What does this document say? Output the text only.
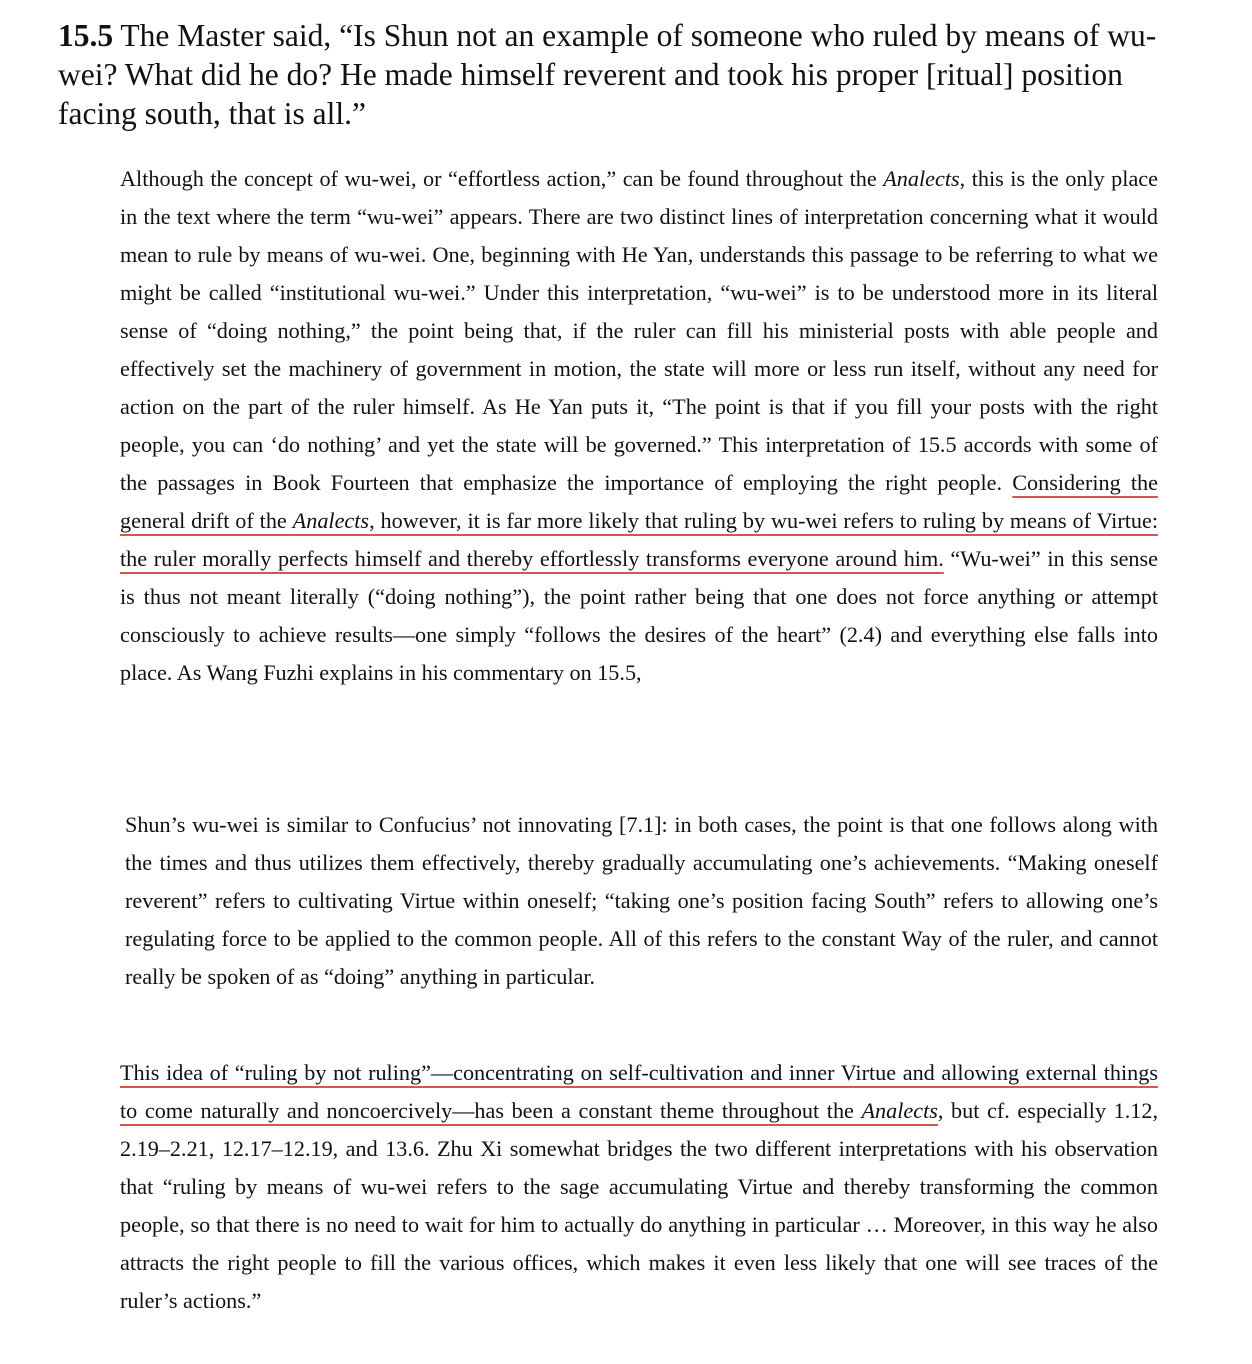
15.5 The Master said, “Is Shun not an example of someone who ruled by means of wu-wei? What did he do? He made himself reverent and took his proper [ritual] position facing south, that is all.”
Although the concept of wu-wei, or “effortless action,” can be found throughout the Analects, this is the only place in the text where the term “wu-wei” appears. There are two distinct lines of interpretation concerning what it would mean to rule by means of wu-wei. One, beginning with He Yan, understands this passage to be referring to what we might be called “institutional wu-wei.” Under this interpretation, “wu-wei” is to be understood more in its literal sense of “doing nothing,” the point being that, if the ruler can fill his ministerial posts with able people and effectively set the machinery of government in motion, the state will more or less run itself, without any need for action on the part of the ruler himself. As He Yan puts it, “The point is that if you fill your posts with the right people, you can ‘do nothing’ and yet the state will be governed.” This interpretation of 15.5 accords with some of the passages in Book Fourteen that emphasize the importance of employing the right people. Considering the general drift of the Analects, however, it is far more likely that ruling by wu-wei refers to ruling by means of Virtue: the ruler morally perfects himself and thereby effortlessly transforms everyone around him. “Wu-wei” in this sense is thus not meant literally (“doing nothing”), the point rather being that one does not force anything or attempt consciously to achieve results—one simply “follows the desires of the heart” (2.4) and everything else falls into place. As Wang Fuzhi explains in his commentary on 15.5,
Shun’s wu-wei is similar to Confucius’ not innovating [7.1]: in both cases, the point is that one follows along with the times and thus utilizes them effectively, thereby gradually accumulating one’s achievements. “Making oneself reverent” refers to cultivating Virtue within oneself; “taking one’s position facing South” refers to allowing one’s regulating force to be applied to the common people. All of this refers to the constant Way of the ruler, and cannot really be spoken of as “doing” anything in particular.
This idea of “ruling by not ruling”—concentrating on self-cultivation and inner Virtue and allowing external things to come naturally and noncoercively—has been a constant theme throughout the Analects, but cf. especially 1.12, 2.19–2.21, 12.17–12.19, and 13.6. Zhu Xi somewhat bridges the two different interpretations with his observation that “ruling by means of wu-wei refers to the sage accumulating Virtue and thereby transforming the common people, so that there is no need to wait for him to actually do anything in particular … Moreover, in this way he also attracts the right people to fill the various offices, which makes it even less likely that one will see traces of the ruler’s actions.”
